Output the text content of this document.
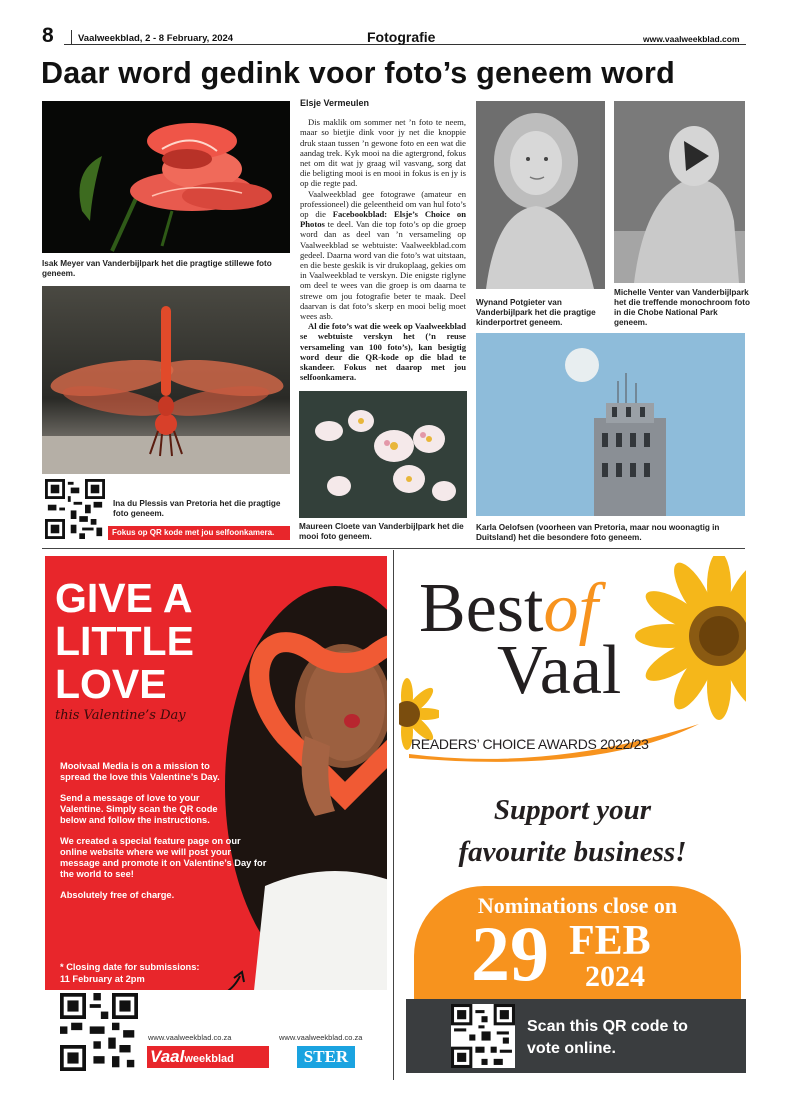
8	Vaalweekblad, 2 - 8 February, 2024	Fotografie	www.vaalweekblad.com
Daar word gedink voor foto’s geneem word
Isak Meyer van Vanderbijlpark het die pragtige stillewe foto geneem.
Ina du Plessis van Pretoria het die pragtige foto geneem.
Fokus op QR kode met jou selfoonkamera.
Elsje Vermeulen
Dis maklik om sommer net ’n foto te neem, maar so bietjie dink voor jy net die knoppie druk staan tussen ’n gewone foto en een wat die aandag trek. Kyk mooi na die agtergrond, fokus net om dit wat jy graag wil vasvang, sorg dat die beligting mooi is en mooi in fokus is en jy is op die regte pad.
Vaalweekblad gee fotograwe (amateur en professioneel) die geleentheid om van hul foto’s op die Facebookblad: Elsje’s Choice on Photos te deel. Van die top foto’s op die groep word dan as deel van ’n versameling op Vaalweekblad se webtuiste: Vaalweekblad.com gedeel. Daarna word van die foto’s wat uitstaan, en die beste geskik is vir drukoplaag, gekies om in Vaalweekblad te verskyn. Die enigste riglyne om deel te wees van die groep is om daarna te strewe om jou fotografie beter te maak. Deel daarvan is dat foto’s skerp en mooi belig moet wees asb.
Al die foto’s wat die week op Vaalweekblad se webtuiste verskyn het (’n reuse versameling van 100 foto’s), kan besigtig word deur die QR-kode op die blad te skandeer. Fokus net daarop met jou selfoonkamera.
Maureen Cloete van Vanderbijlpark het die mooi foto geneem.
Wynand Potgieter van Vanderbijlpark het die pragtige kinderportret geneem.
Michelle Venter van Vanderbijlpark het die treffende monochroom foto in die Chobe National Park geneem.
Karla Oelofsen (voorheen van Pretoria, maar nou woonagtig in Duitsland) het die besondere foto geneem.
GIVE A
LITTLE
LOVE
this Valentine’s Day
Mooivaal Media is on a mission to spread the love this Valentine’s Day.
Send a message of love to your Valentine. Simply scan the QR code below and follow the instructions.
We created a special feature page on our online website where we will post your message and promote it on Valentine’s Day for the world to see!
Absolutely free of charge.
* Closing date for submissions:
11 February at 2pm
www.vaalweekblad.co.za
Vaalweekblad
www.vaalweekblad.co.za
STER
Bestof
Vaal
READERS’ CHOICE AWARDS 2022/23
Support your
favourite business!
Nominations close on
29 FEB
2024
Scan this QR code to
vote online.
